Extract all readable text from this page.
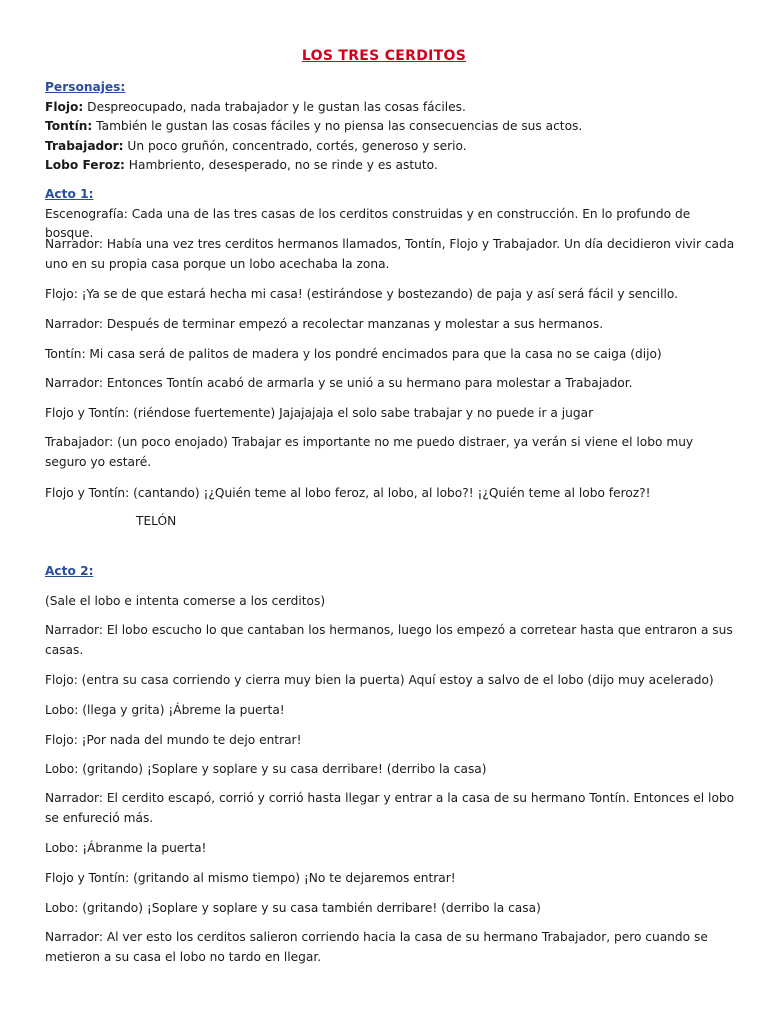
LOS TRES CERDITOS
Personajes:
Flojo: Despreocupado, nada trabajador y le gustan las cosas fáciles.
Tontín: También le gustan las cosas fáciles y no piensa las consecuencias de sus actos.
Trabajador: Un poco gruñón, concentrado, cortés, generoso y serio.
Lobo Feroz: Hambriento, desesperado, no se rinde y es astuto.
Acto 1:
Escenografía: Cada una de las tres casas de los cerditos construidas y en construcción. En lo profundo de bosque.
Narrador: Había una vez tres cerditos hermanos llamados, Tontín, Flojo y Trabajador. Un día decidieron vivir cada uno en su propia casa porque un lobo acechaba la zona.
Flojo: ¡Ya se de que estará hecha mi casa! (estirándose y bostezando) de paja y así será fácil y sencillo.
Narrador: Después de terminar empezó a recolectar manzanas y molestar a sus hermanos.
Tontín: Mi casa será de palitos de madera y los pondré encimados para que la casa no se caiga (dijo)
Narrador: Entonces Tontín acabó de armarla y se unió a su hermano para molestar a Trabajador.
Flojo y Tontín: (riéndose fuertemente) Jajajajaja el solo sabe trabajar y no puede ir a jugar
Trabajador: (un poco enojado) Trabajar es importante no me puedo distraer, ya verán si viene el lobo muy seguro yo estaré.
Flojo y Tontín: (cantando) ¡¿Quién teme al lobo feroz, al lobo, al lobo?! ¡¿Quién teme al lobo feroz?!
TELÓN
Acto 2:
(Sale el lobo e intenta comerse a los cerditos)
Narrador: El lobo escucho lo que cantaban los hermanos, luego los empezó a corretear hasta que entraron a sus casas.
Flojo: (entra su casa corriendo y cierra muy bien la puerta) Aquí estoy a salvo de el lobo (dijo muy acelerado)
Lobo: (llega y grita) ¡Ábreme la puerta!
Flojo: ¡Por nada del mundo te dejo entrar!
Lobo: (gritando) ¡Soplare y soplare y su casa derribare! (derribo la casa)
Narrador: El cerdito escapó, corrió y corrió hasta llegar y entrar a la casa de su hermano Tontín. Entonces el lobo se enfureció más.
Lobo: ¡Ábranme la puerta!
Flojo y Tontín: (gritando al mismo tiempo) ¡No te dejaremos entrar!
Lobo: (gritando) ¡Soplare y soplare y su casa también derribare! (derribo la casa)
Narrador: Al ver esto los cerditos salieron corriendo hacia la casa de su hermano Trabajador, pero cuando se metieron a su casa el lobo no tardo en llegar.
